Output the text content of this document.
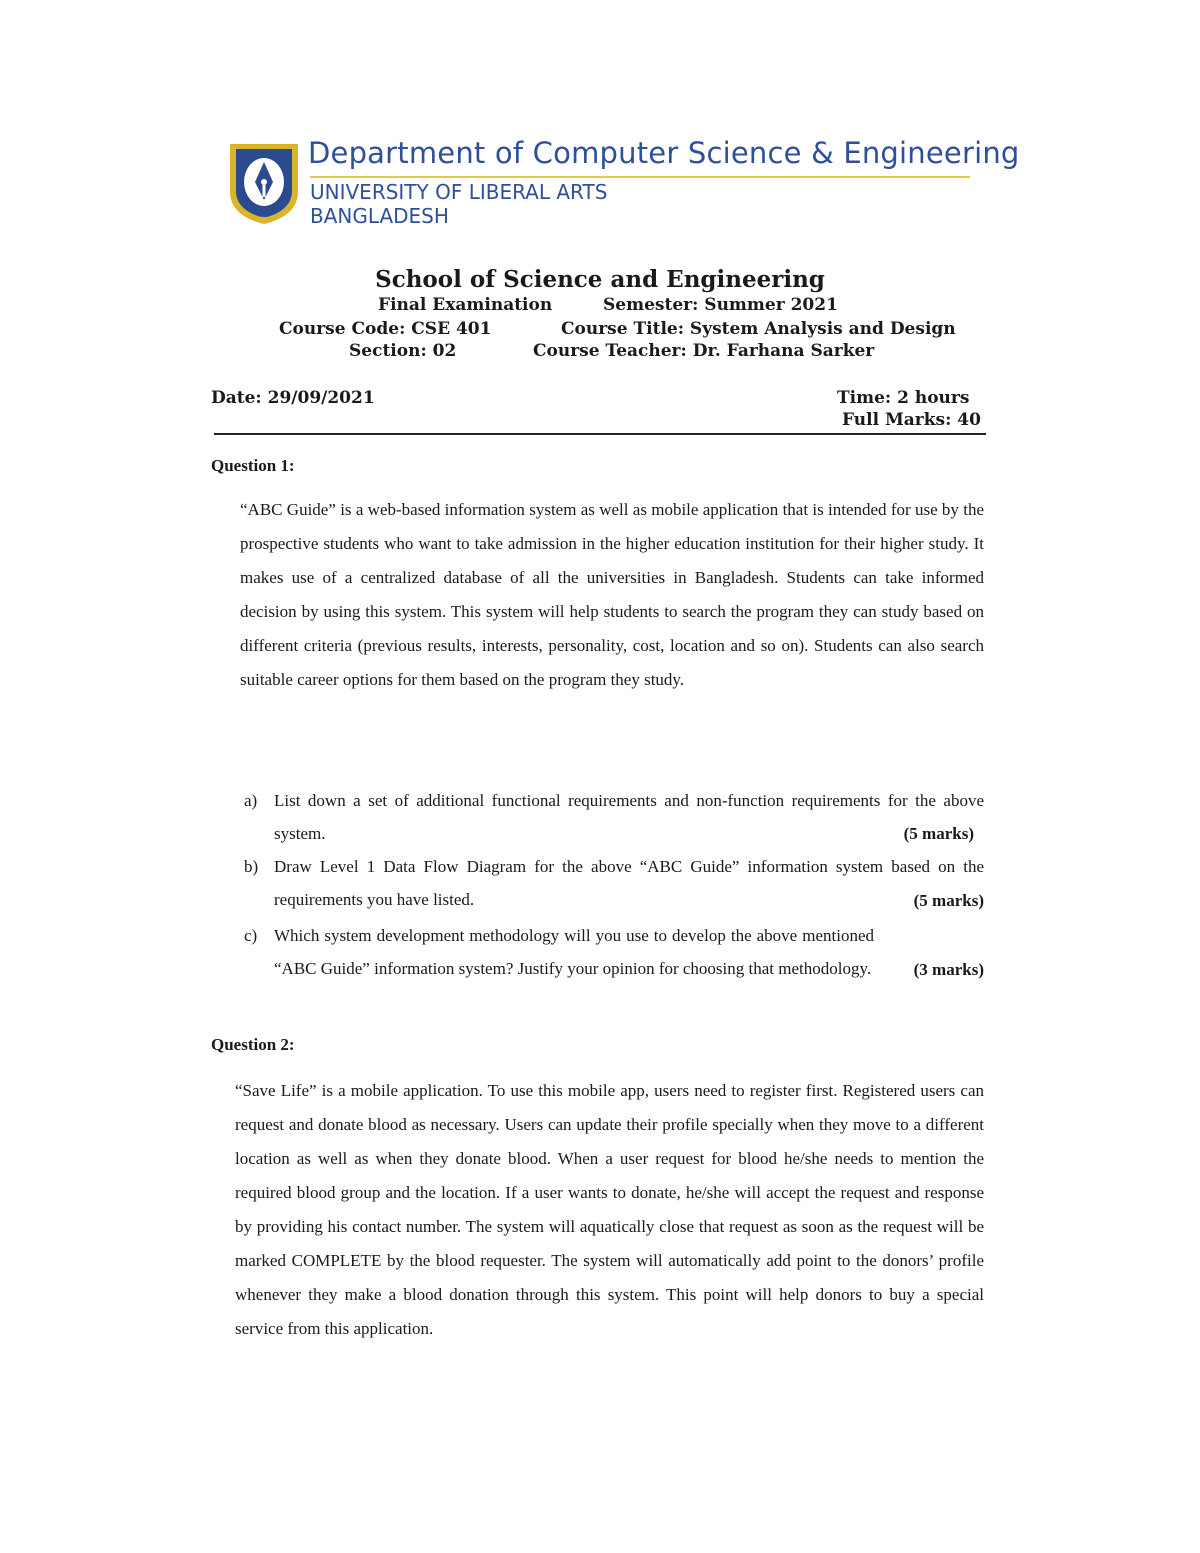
Department of Computer Science & Engineering
UNIVERSITY OF LIBERAL ARTS
BANGLADESH
School of Science and Engineering
Final Examination	Semester: Summer 2021
Course Code: CSE 401	Course Title: System Analysis and Design
Section: 02	Course Teacher: Dr. Farhana Sarker
Date: 29/09/2021	Time: 2 hours
Full Marks: 40
Question 1:
“ABC Guide” is a web-based information system as well as mobile application that is intended for use by the prospective students who want to take admission in the higher education institution for their higher study. It makes use of a centralized database of all the universities in Bangladesh. Students can take informed decision by using this system. This system will help students to search the program they can study based on different criteria (previous results, interests, personality, cost, location and so on). Students can also search suitable career options for them based on the program they study.
a) List down a set of additional functional requirements and non-function requirements for the above system.	(5 marks)
b) Draw Level 1 Data Flow Diagram for the above “ABC Guide” information system based on the requirements you have listed.	(5 marks)
c) Which system development methodology will you use to develop the above mentioned “ABC Guide” information system? Justify your opinion for choosing that methodology.	(3 marks)
Question 2:
“Save Life” is a mobile application. To use this mobile app, users need to register first. Registered users can request and donate blood as necessary. Users can update their profile specially when they move to a different location as well as when they donate blood. When a user request for blood he/she needs to mention the required blood group and the location. If a user wants to donate, he/she will accept the request and response by providing his contact number. The system will aquatically close that request as soon as the request will be marked COMPLETE by the blood requester. The system will automatically add point to the donors’ profile whenever they make a blood donation through this system. This point will help donors to buy a special service from this application.
